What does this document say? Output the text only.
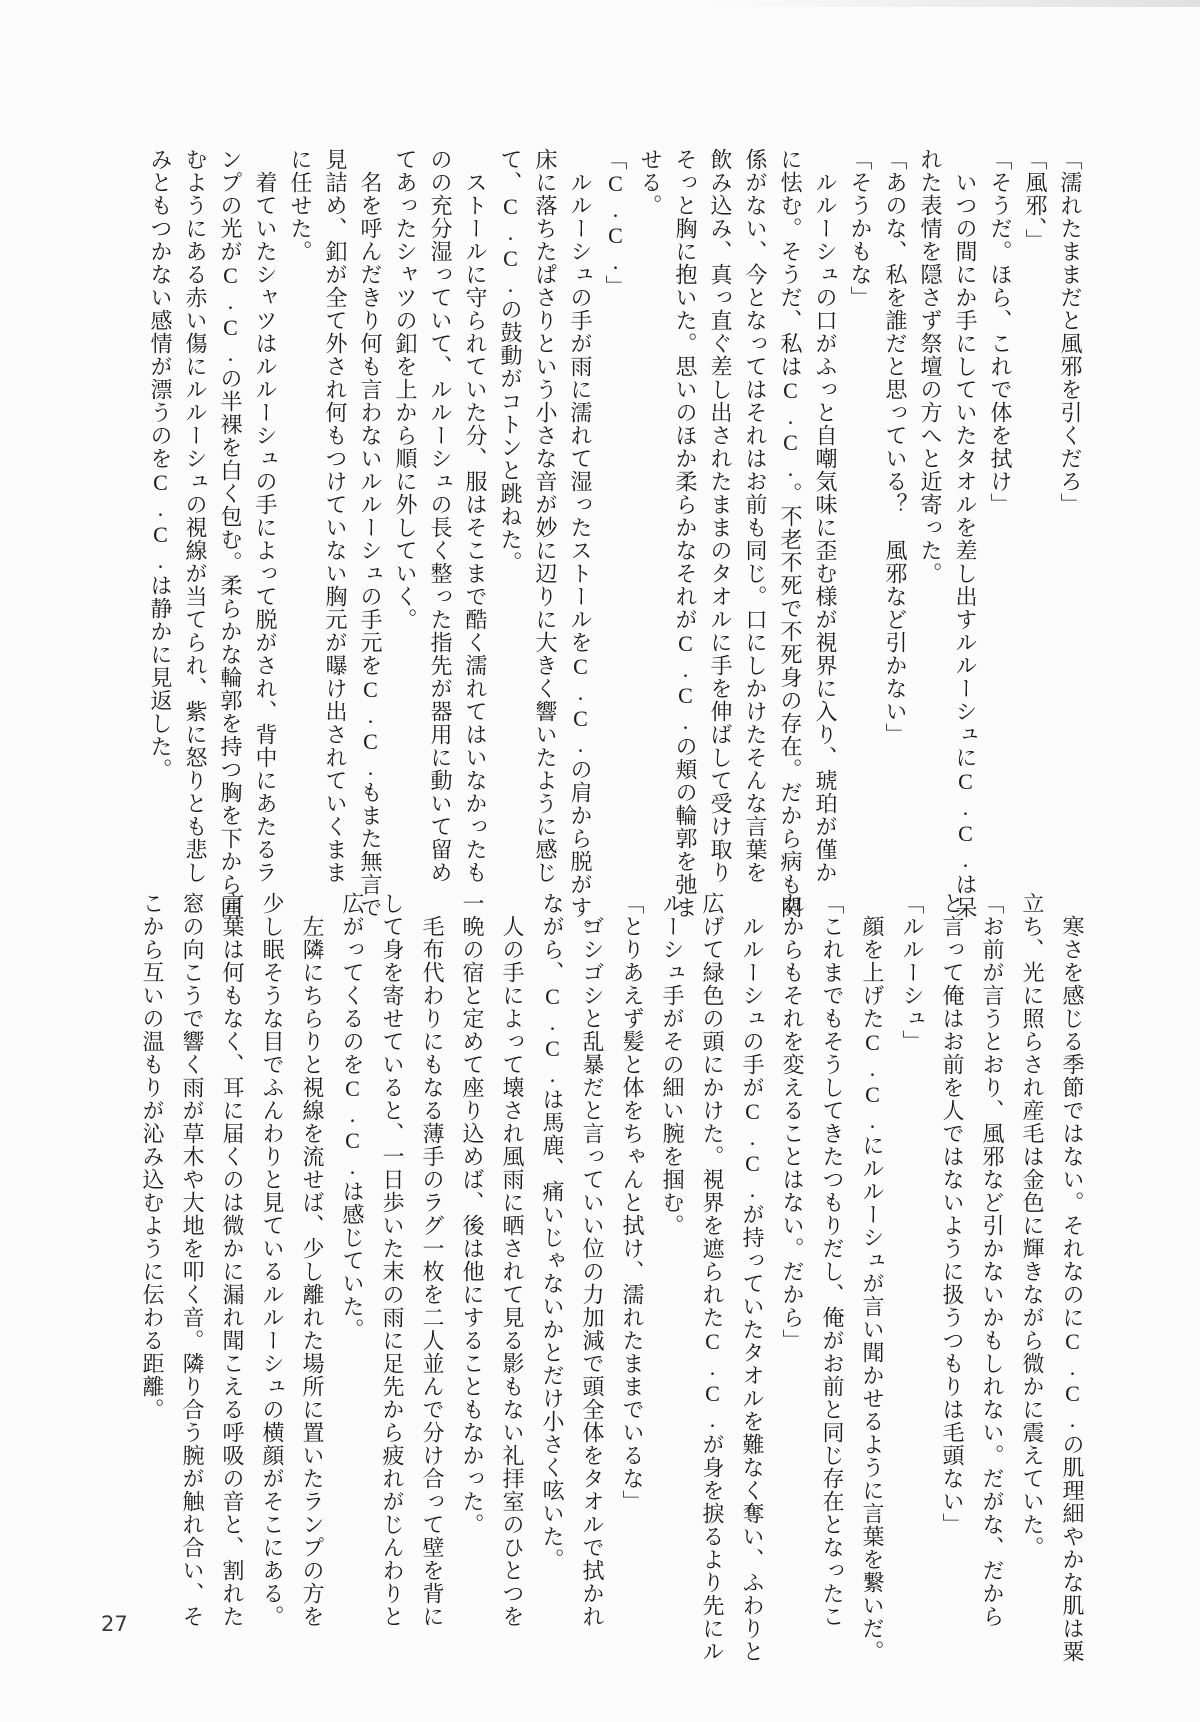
「濡れたままだと風邪を引くだろ」

「風邪、」

「そうだ。ほら、これで体を拭け」

　いつの間にか手にしていたタオルを差し出すルルーシュにC.C.は呆

れた表情を隠さず祭壇の方へと近寄った。

「あのな、私を誰だと思っている？　風邪など引かない」

「そうかもな」

　ルルーシュの口がふっと自嘲気味に歪む様が視界に入り、琥珀が僅か

に怯む。そうだ、私はC.C.。不老不死で不死身の存在。だから病も関

係がない、今となってはそれはお前も同じ。口にしかけたそんな言葉を

飲み込み、真っ直ぐ差し出されたままのタオルに手を伸ばして受け取り

そっと胸に抱いた。思いのほか柔らかなそれがC.C.の頬の輪郭を弛ま

せる。

「C.C.」

　ルルーシュの手が雨に濡れて湿ったストールをC.C.の肩から脱がす。

床に落ちたぱさりという小さな音が妙に辺りに大きく響いたように感じ

て、C.C.の鼓動がコトンと跳ねた。

　ストールに守られていた分、服はそこまで酷く濡れてはいなかったも

のの充分湿っていて、ルルーシュの長く整った指先が器用に動いて留め

てあったシャツの釦を上から順に外していく。

　名を呼んだきり何も言わないルルーシュの手元をC.C.もまた無言で

見詰め、釦が全て外され何もつけていない胸元が曝け出されていくまま

に任せた。

　着ていたシャツはルルーシュの手によって脱がされ、背中にあたるラ

ンプの光がC.C.の半裸を白く包む。柔らかな輪郭を持つ胸を下から囲

むようにある赤い傷にルルーシュの視線が当てられ、紫に怒りとも悲し

みともつかない感情が漂うのをC.C.は静かに見返した。

　寒さを感じる季節ではない。それなのにC.C.の肌理細やかな肌は粟

立ち、光に照らされ産毛は金色に輝きながら微かに震えていた。

「お前が言うとおり、風邪など引かないかもしれない。だがな、だから

と言って俺はお前を人ではないように扱うつもりは毛頭ない」

「ルルーシュ」

　顔を上げたC.C.にルルーシュが言い聞かせるように言葉を繋いだ。

「これまでもそうしてきたつもりだし、俺がお前と同じ存在となったこ

れからもそれを変えることはない。だから」

　ルルーシュの手がC.C.が持っていたタオルを難なく奪い、ふわりと

広げて緑色の頭にかけた。視界を遮られたC.C.が身を捩るより先にル

ルーシュ手がその細い腕を掴む。

「とりあえず髪と体をちゃんと拭け、濡れたままでいるな」

　ゴシゴシと乱暴だと言っていい位の力加減で頭全体をタオルで拭かれ

ながら、C.C.は馬鹿、痛いじゃないかとだけ小さく呟いた。

　人の手によって壊され風雨に晒されて見る影もない礼拝室のひとつを

一晩の宿と定めて座り込めば、後は他にすることもなかった。

　毛布代わりにもなる薄手のラグ一枚を二人並んで分け合って壁を背に

して身を寄せていると、一日歩いた末の雨に足先から疲れがじんわりと

広がってくるのをC.C.は感じていた。

　左隣にちらりと視線を流せば、少し離れた場所に置いたランプの方を

少し眠そうな目でふんわりと見ているルルーシュの横顔がそこにある。

言葉は何もなく、耳に届くのは微かに漏れ聞こえる呼吸の音と、割れた

窓の向こうで響く雨が草木や大地を叩く音。隣り合う腕が触れ合い、そ

こから互いの温もりが沁み込むように伝わる距離。

27
